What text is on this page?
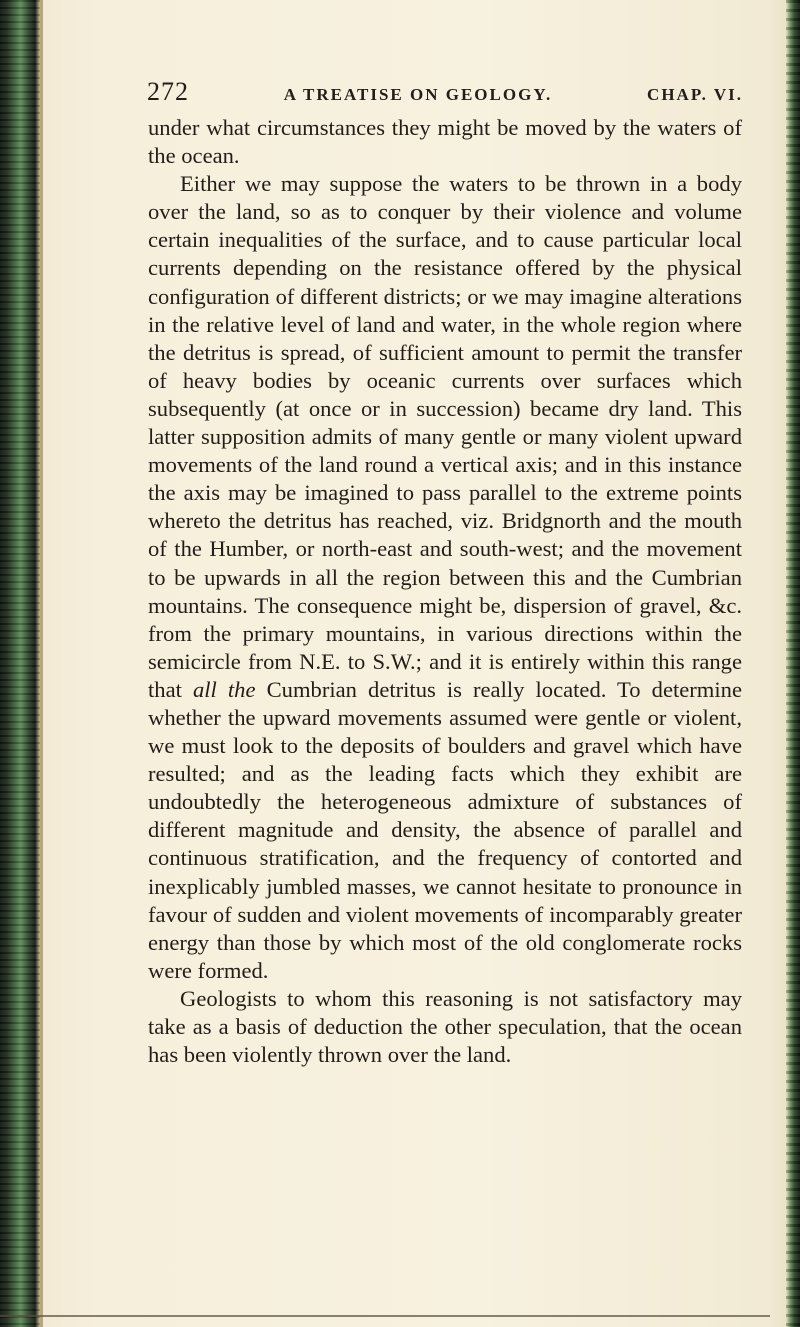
272	A TREATISE ON GEOLOGY.	CHAP. VI.

under what circumstances they might be moved by the waters of the ocean.

Either we may suppose the waters to be thrown in a body over the land, so as to conquer by their violence and volume certain inequalities of the surface, and to cause particular local currents depending on the resistance offered by the physical configuration of different districts; or we may imagine alterations in the relative level of land and water, in the whole region where the detritus is spread, of sufficient amount to permit the transfer of heavy bodies by oceanic currents over surfaces which subsequently (at once or in succession) became dry land. This latter supposition admits of many gentle or many violent upward movements of the land round a vertical axis; and in this instance the axis may be imagined to pass parallel to the extreme points whereto the detritus has reached, viz. Bridgnorth and the mouth of the Humber, or north-east and south-west; and the movement to be upwards in all the region between this and the Cumbrian mountains. The consequence might be, dispersion of gravel, &c. from the primary mountains, in various directions within the semicircle from N.E. to S.W.; and it is entirely within this range that all the Cumbrian detritus is really located. To determine whether the upward movements assumed were gentle or violent, we must look to the deposits of boulders and gravel which have resulted; and as the leading facts which they exhibit are undoubtedly the heterogeneous admixture of substances of different magnitude and density, the absence of parallel and continuous stratification, and the frequency of contorted and inexplicably jumbled masses, we cannot hesitate to pronounce in favour of sudden and violent movements of incomparably greater energy than those by which most of the old conglomerate rocks were formed.

Geologists to whom this reasoning is not satisfactory may take as a basis of deduction the other speculation, that the ocean has been violently thrown over the land.
